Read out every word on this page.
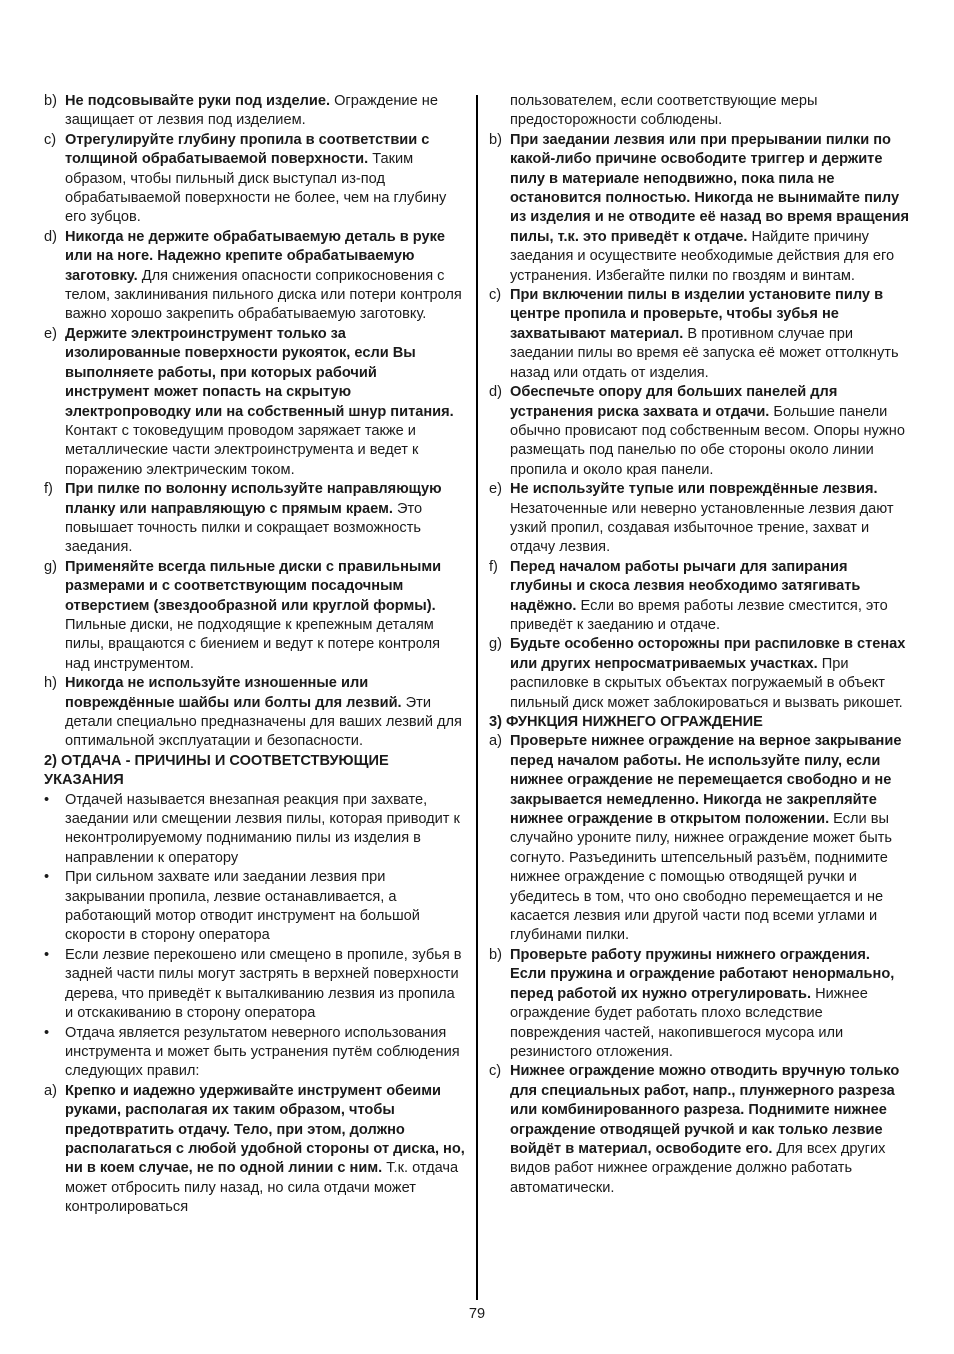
b) Не подсовывайте руки под изделие. Ограждение не защищает от лезвия под изделием.
c) Отрегулируйте глубину пропила в соответствии с толщиной обрабатываемой поверхности. Таким образом, чтобы пильный диск выступал из-под обрабатываемой поверхности не более, чем на глубину его зубцов.
d) Никогда не держите обрабатываемую деталь в руке или на ноге. Надежно крепите обрабатываемую заготовку. Для снижения опасности соприкосновения с телом, заклинивания пильного диска или потери контроля важно хорошо закрепить обрабатываемую заготовку.
e) Держите электроинструмент только за изолированные поверхности рукояток, если Вы выполняете работы, при которых рабочий инструмент может попасть на скрытую электропроводку или на собственный шнур питания. Контакт с токоведущим проводом заряжает также и металлические части электроинструмента и ведет к поражению электрическим током.
f) При пилке по волонну используйте направляющую планку или направляющую с прямым краем. Это повышает точность пилки и сокращает возможность заедания.
g) Применяйте всегда пильные диски с правильными размерами и с соответствующим посадочным отверстием (звездообразной или круглой формы). Пильные диски, не подходящие к крепежным деталям пилы, вращаются с биением и ведут к потере контроля над инструментом.
h) Никогда не используйте изношенные или повреждённые шайбы или болты для лезвий. Эти детали специально предназначены для ваших лезвий для оптимальной эксплуатации и безопасности.
2) ОТДАЧА - ПРИЧИНЫ И СООТВЕТСТВУЮЩИЕ УКАЗАНИЯ
•	Отдачей называется внезапная реакция при захвате, заедании или смещении лезвия пилы, которая приводит к неконтролируемому подниманию пилы из изделия в направлении к оператору
•	При сильном захвате или заедании лезвия при закрывании пропила, лезвие останавливается, а работающий мотор отводит инструмент на большой скорости в сторону оператора
•	Если лезвие перекошено или смещено в пропиле, зубья в задней части пилы могут застрять в верхней поверхности дерева, что приведёт к выталкиванию лезвия из пропила и отскакиванию в сторону оператора
•	Отдача является результатом неверного использования инструмента и может быть устранения путём соблюдения следующих правил:
a) Крепко и иадежно удерживайте инструмент обеими руками, располагая их таким образом, чтобы предотвратить отдачу. Тело, при этом, должно располагаться с любой удобной стороны от диска, но, ни в коем случае, не по одной линии с ним. Т.к. отдача может отбросить пилу назад, но сила отдачи может контролироваться
пользователем, если соответствующие меры предосторожности соблюдены.
b) При заедании лезвия или при прерывании пилки по какой-либо причине освободите триггер и держите пилу в материале неподвижно, пока пила не остановится полностью. Никогда не вынимайте пилу из изделия и не отводите её назад во время вращения пилы, т.к. это приведёт к отдаче. Найдите причину заедания и осуществите необходимые действия для его устранения. Избегайте пилки по гвоздям и винтам.
c) При включении пилы в изделии установите пилу в центре пропила и проверьте, чтобы зубья не захватывают материал. В противном случае при заедании пилы во время её запуска её может оттолкнуть назад или отдать от изделия.
d) Обеспечьте опору для больших панелей для устранения риска захвата и отдачи. Большие панели обычно провисают под собственным весом. Опоры нужно размещать под панелью по обе стороны около линии пропила и около края панели.
e) Не используйте тупые или повреждённые лезвия. Незаточенные или неверно установленные лезвия дают узкий пропил, создавая избыточное трение, захват и отдачу лезвия.
f) Перед началом работы рычаги для запирания глубины и скоса лезвия необходимо затягивать надёжно. Если во время работы лезвие сместится, это приведёт к заеданию и отдаче.
g) Будьте особенно осторожны при распиловке в стенах или других непросматриваемых участках. При распиловке в скрытых объектах погружаемый в объект пильный диск может заблокироваться и вызвать рикошет.
3) ФУНКЦИЯ НИЖНЕГО ОГРАЖДЕНИЕ
a) Проверьте нижнее ограждение на верное закрывание перед началом работы. Не используйте пилу, если нижнее ограждение не перемещается свободно и не закрывается немедленно. Никогда не закрепляйте нижнее ограждение в открытом положении. Если вы случайно уроните пилу, нижнее ограждение может быть согнуто. Разъединить штепсельный разъём, поднимите нижнее ограждение с помощью отводящей ручки и убедитесь в том, что оно свободно перемещается и не касается лезвия или другой части под всеми углами и глубинами пилки.
b) Проверьте работу пружины нижнего ограждения. Если пружина и ограждение работают ненормально, перед работой их нужно отрегулировать. Нижнее ограждение будет работать плохо вследствие повреждения частей, накопившегося мусора или резинистого отложения.
c) Нижнее ограждение можно отводить вручную только для специальных работ, напр., плунжерного разреза или комбинированного разреза. Поднимите нижнее ограждение отводящей ручкой и как только лезвие войдёт в материал, освободите его. Для всех других видов работ нижнее ограждение должно работать автоматически.
79
